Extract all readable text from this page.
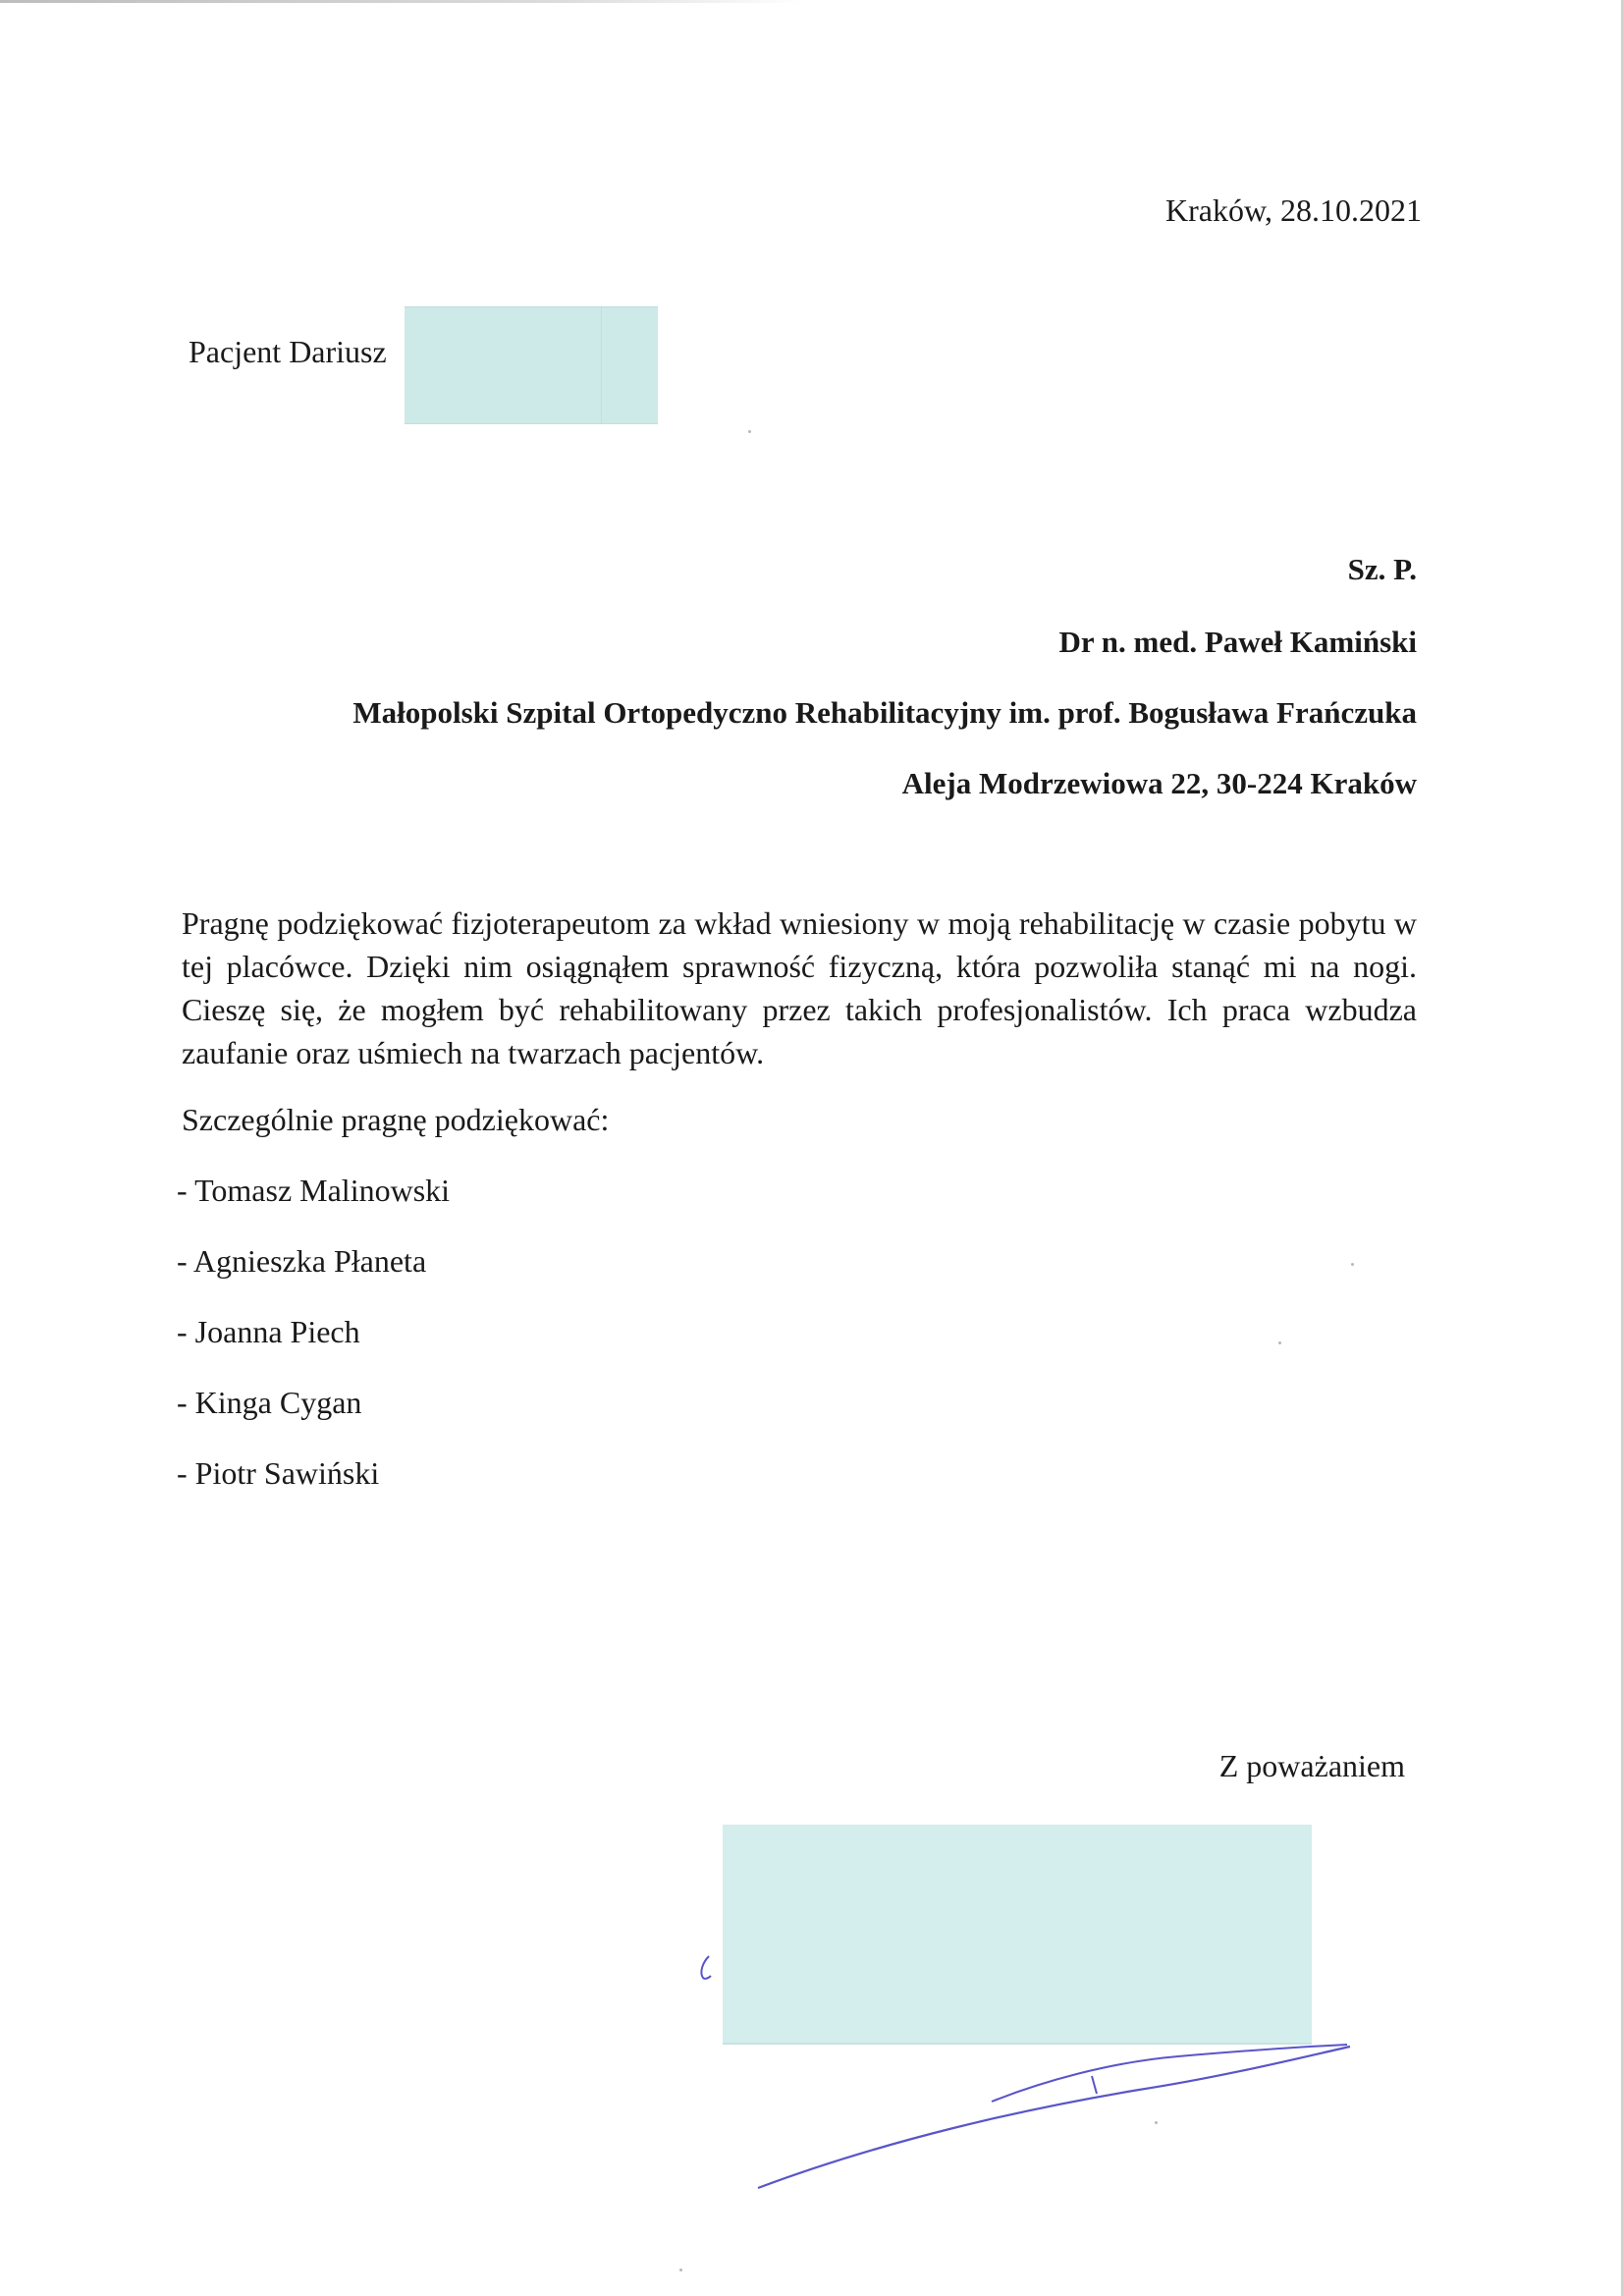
Kraków, 28.10.2021
Pacjent Dariusz
Sz. P.
Dr n. med. Paweł Kamiński
Małopolski Szpital Ortopedyczno Rehabilitacyjny im. prof. Bogusława Frańczuka
Aleja Modrzewiowa 22, 30-224 Kraków
Pragnę podziękować fizjoterapeutom za wkład wniesiony w moją rehabilitację w czasie pobytu w tej placówce. Dzięki nim osiągnąłem sprawność fizyczną, która pozwoliła stanąć mi na nogi. Cieszę się, że mogłem być rehabilitowany przez takich profesjonalistów. Ich praca wzbudza zaufanie oraz uśmiech na twarzach pacjentów.
Szczególnie pragnę podziękować:
- Tomasz Malinowski
- Agnieszka Płaneta
- Joanna Piech
- Kinga Cygan
- Piotr Sawiński
Z poważaniem
